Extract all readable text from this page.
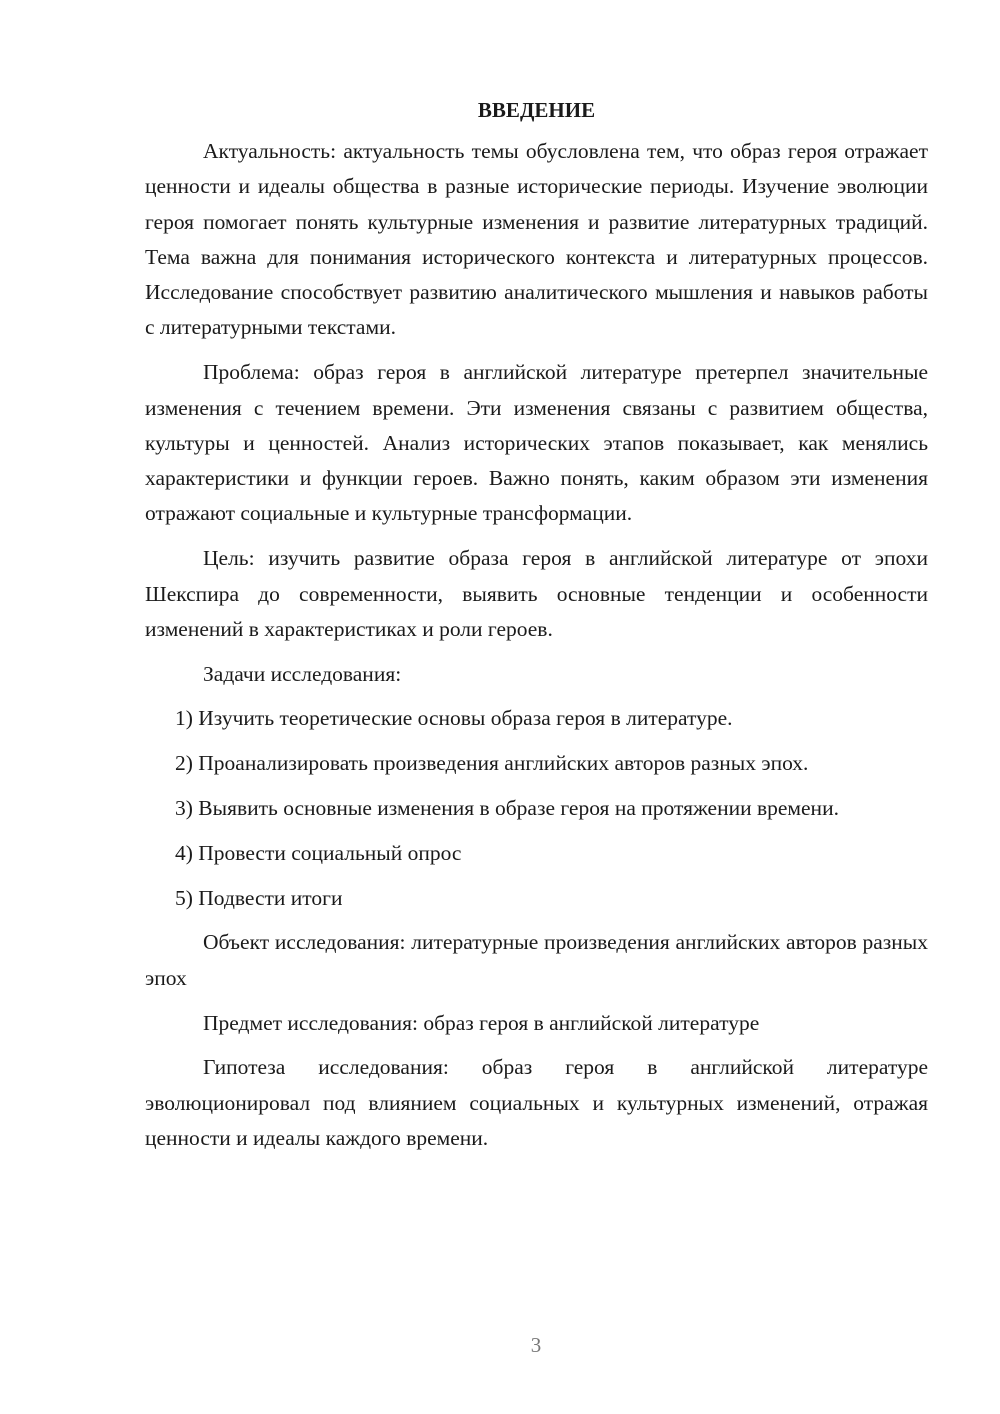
ВВЕДЕНИЕ

Актуальность: актуальность темы обусловлена тем, что образ героя отражает ценности и идеалы общества в разные исторические периоды. Изучение эволюции героя помогает понять культурные изменения и развитие литературных традиций. Тема важна для понимания исторического контекста и литературных процессов. Исследование способствует развитию аналитического мышления и навыков работы с литературными текстами.

Проблема: образ героя в английской литературе претерпел значительные изменения с течением времени. Эти изменения связаны с развитием общества, культуры и ценностей. Анализ исторических этапов показывает, как менялись характеристики и функции героев. Важно понять, каким образом эти изменения отражают социальные и культурные трансформации.

Цель: изучить развитие образа героя в английской литературе от эпохи Шекспира до современности, выявить основные тенденции и особенности изменений в характеристиках и роли героев.

Задачи исследования:

1) Изучить теоретические основы образа героя в литературе.

2) Проанализировать произведения английских авторов разных эпох.

3) Выявить основные изменения в образе героя на протяжении времени.

4) Провести социальный опрос

5) Подвести итоги

Объект исследования: литературные произведения английских авторов разных эпох

Предмет исследования: образ героя в английской литературе

Гипотеза исследования: образ героя в английской литературе эволюционировал под влиянием социальных и культурных изменений, отражая ценности и идеалы каждого времени.

3
